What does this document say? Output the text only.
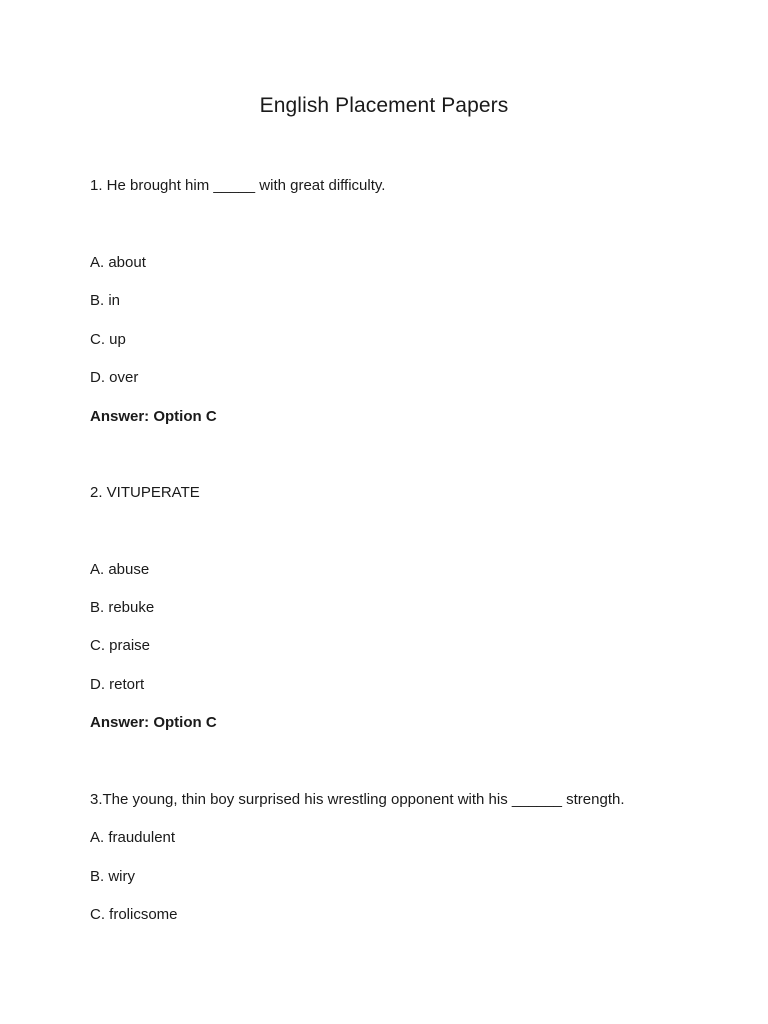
English Placement Papers
1. He brought him _____ with great difficulty.
A. about
B. in
C. up
D. over
Answer: Option C
2. VITUPERATE
A. abuse
B. rebuke
C. praise
D. retort
Answer: Option C
3.The young, thin boy surprised his wrestling opponent with his ______ strength.
A. fraudulent
B. wiry
C. frolicsome
